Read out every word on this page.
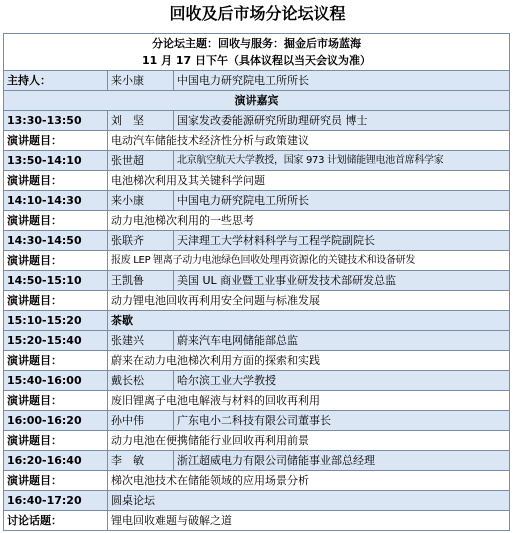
回收及后市场分论坛议程
分论坛主题：回收与服务：掘金后市场蓝海
11 月 17 日下午（具体议程以当天会议为准）		

主持人：	来小康	中国电力研究院电工所所长
演讲嘉宾		
13:30-13:50	刘　坚	国家发改委能源研究所助理研究员 博士
演讲题目：	电动汽车储能技术经济性分析与政策建议	
13:50-14:10	张世超	北京航空航天大学教授，国家 973 计划储能锂电池首席科学家
演讲题目：	电池梯次利用及其关键科学问题	
14:10-14:30	来小康	中国电力研究院电工所所长
演讲题目：	动力电池梯次利用的一些思考	
14:30-14:50	张联齐	天津理工大学材料科学与工程学院副院长
演讲题目：	报废 LEP 锂离子动力电池绿色回收处理再资源化的关键技术和设备研发	
14:50-15:10	王凯鲁	美国 UL 商业暨工业事业研发技术部研发总监
演讲题目：	动力锂电池回收再利用安全问题与标准发展	
15:10-15:20	茶歇	
15:20-15:40	张建兴	蔚来汽车电网储能部总监
演讲题目：	蔚来在动力电池梯次利用方面的探索和实践	
15:40-16:00	戴长松	哈尔滨工业大学教授
演讲题目：	废旧锂离子电池电解液与材料的回收再利用	
16:00-16:20	孙中伟	广东电小二科技有限公司董事长
演讲题目：	动力电池在便携储能行业回收再利用前景	
16:20-16:40	李　敏	浙江超威电力有限公司储能事业部总经理
演讲题目：	梯次电池技术在储能领域的应用场景分析	
16:40-17:20	圆桌论坛	
讨论话题：	锂电回收难题与破解之道	
